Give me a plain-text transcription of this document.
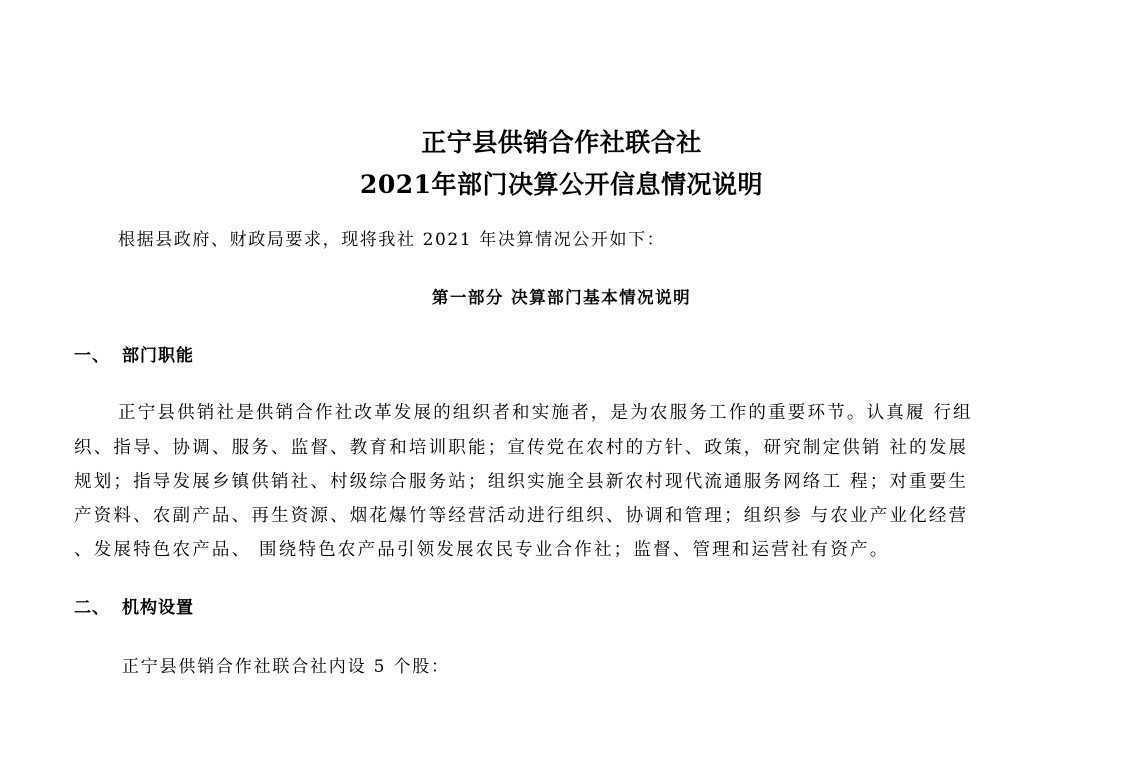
正宁县供销合作社联合社
2021年部门决算公开信息情况说明
根据县政府、财政局要求，现将我社 2021 年决算情况公开如下：
第一部分 决算部门基本情况说明
一、 部门职能
正宁县供销社是供销合作社改革发展的组织者和实施者，是为农服务工作的重要环节。认真履 行组
织、指导、协调、服务、监督、教育和培训职能；宣传党在农村的方针、政策，研究制定供销 社的发展
规划；指导发展乡镇供销社、村级综合服务站；组织实施全县新农村现代流通服务网络工 程；对重要生
产资料、农副产品、再生资源、烟花爆竹等经营活动进行组织、协调和管理；组织参 与农业产业化经营
、发展特色农产品、 围绕特色农产品引领发展农民专业合作社；监督、管理和运营社有资产。
二、 机构设置
正宁县供销合作社联合社内设 5 个股：
